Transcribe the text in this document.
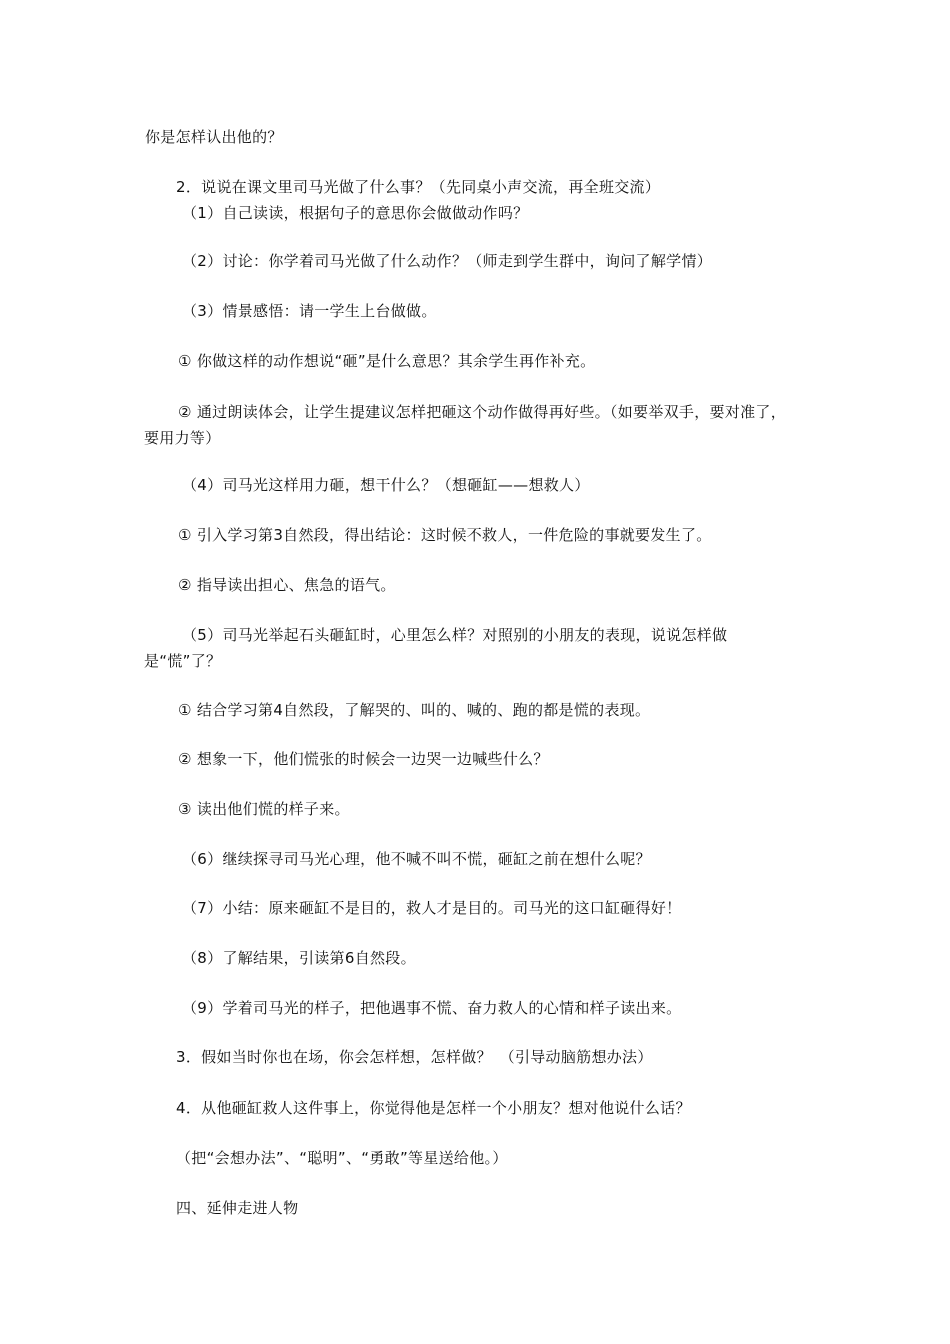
你是怎样认出他的？
2．说说在课文里司马光做了什么事？（先同桌小声交流，再全班交流）
（1）自己读读，根据句子的意思你会做做动作吗？
（2）讨论：你学着司马光做了什么动作？（师走到学生群中，询问了解学情）
（3）情景感悟：请一学生上台做做。
① 你做这样的动作想说“砸”是什么意思？其余学生再作补充。
② 通过朗读体会，让学生提建议怎样把砸这个动作做得再好些。（如要举双手，要对准了，要用力等）
（4）司马光这样用力砸，想干什么？（想砸缸——想救人）
① 引入学习第3自然段，得出结论：这时候不救人，一件危险的事就要发生了。
② 指导读出担心、焦急的语气。
（5）司马光举起石头砸缸时，心里怎么样？对照别的小朋友的表现，说说怎样做是“慌”了？
① 结合学习第4自然段，了解哭的、叫的、喊的、跑的都是慌的表现。
② 想象一下，他们慌张的时候会一边哭一边喊些什么？
③ 读出他们慌的样子来。
（6）继续探寻司马光心理，他不喊不叫不慌，砸缸之前在想什么呢？
（7）小结：原来砸缸不是目的，救人才是目的。司马光的这口缸砸得好！
（8）了解结果，引读第6自然段。
（9）学着司马光的样子，把他遇事不慌、奋力救人的心情和样子读出来。
3．假如当时你也在场，你会怎样想，怎样做？　（引导动脑筋想办法）
4．从他砸缸救人这件事上，你觉得他是怎样一个小朋友？想对他说什么话？
（把“会想办法”、“聪明”、“勇敢”等星送给他。）
四、延伸走进人物
